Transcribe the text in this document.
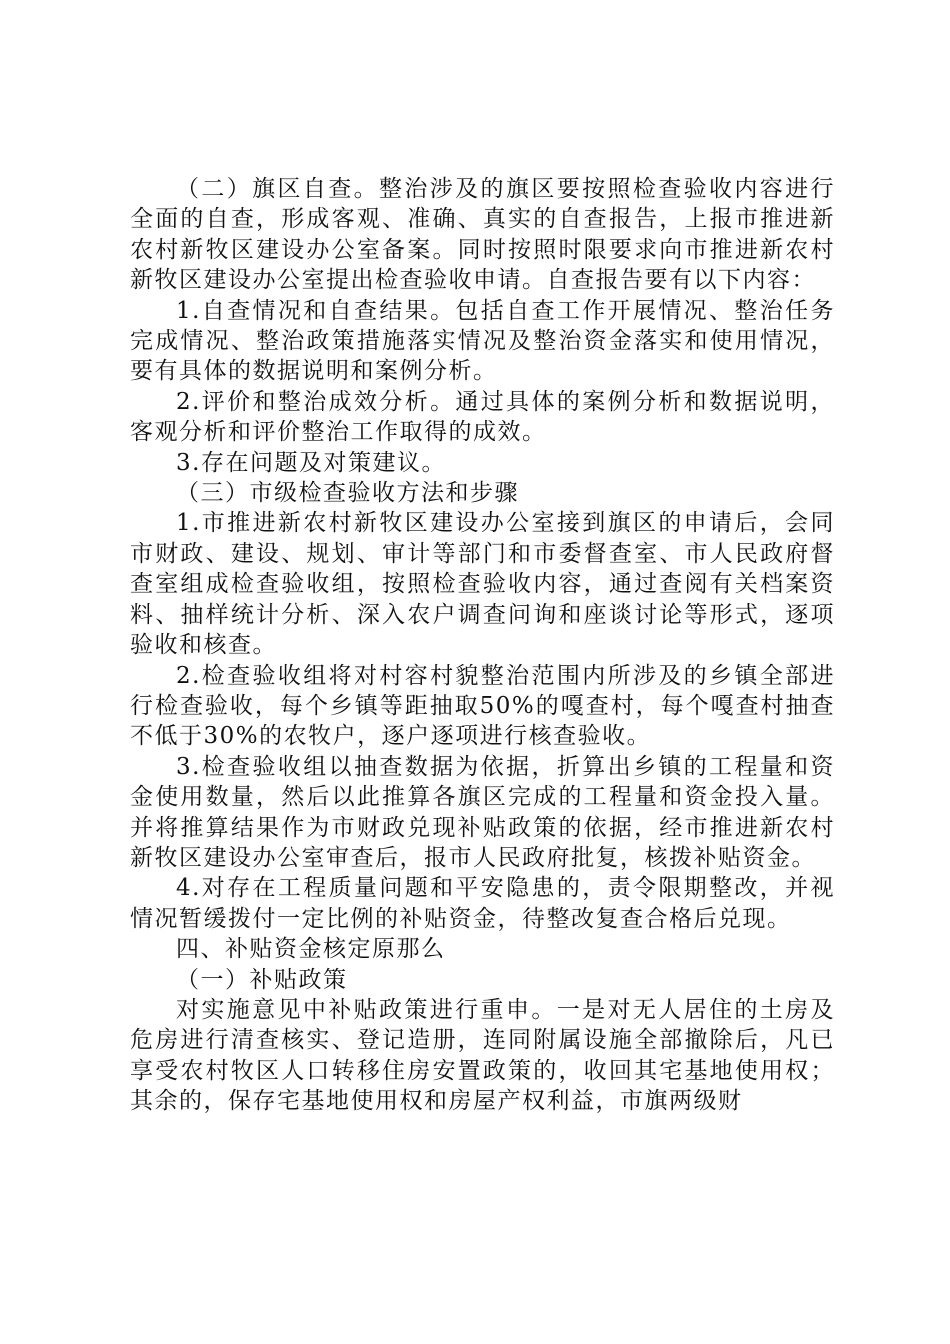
（二）旗区自查。整治涉及的旗区要按照检查验收内容进行全面的自查，形成客观、准确、真实的自查报告，上报市推进新农村新牧区建设办公室备案。同时按照时限要求向市推进新农村新牧区建设办公室提出检查验收申请。自查报告要有以下内容：

1.自查情况和自查结果。包括自查工作开展情况、整治任务完成情况、整治政策措施落实情况及整治资金落实和使用情况，要有具体的数据说明和案例分析。

2.评价和整治成效分析。通过具体的案例分析和数据说明，客观分析和评价整治工作取得的成效。

3.存在问题及对策建议。

（三）市级检查验收方法和步骤

1.市推进新农村新牧区建设办公室接到旗区的申请后，会同市财政、建设、规划、审计等部门和市委督查室、市人民政府督查室组成检查验收组，按照检查验收内容，通过查阅有关档案资料、抽样统计分析、深入农户调查问询和座谈讨论等形式，逐项验收和核查。

2.检查验收组将对村容村貌整治范围内所涉及的乡镇全部进行检查验收，每个乡镇等距抽取50%的嘎查村，每个嘎查村抽查不低于30%的农牧户，逐户逐项进行核查验收。

3.检查验收组以抽查数据为依据，折算出乡镇的工程量和资金使用数量，然后以此推算各旗区完成的工程量和资金投入量。并将推算结果作为市财政兑现补贴政策的依据，经市推进新农村新牧区建设办公室审查后，报市人民政府批复，核拨补贴资金。

4.对存在工程质量问题和平安隐患的，责令限期整改，并视情况暂缓拨付一定比例的补贴资金，待整改复查合格后兑现。

四、补贴资金核定原那么

（一）补贴政策

对实施意见中补贴政策进行重申。一是对无人居住的土房及危房进行清查核实、登记造册，连同附属设施全部撤除后，凡已享受农村牧区人口转移住房安置政策的，收回其宅基地使用权；其余的，保存宅基地使用权和房屋产权利益，市旗两级财
